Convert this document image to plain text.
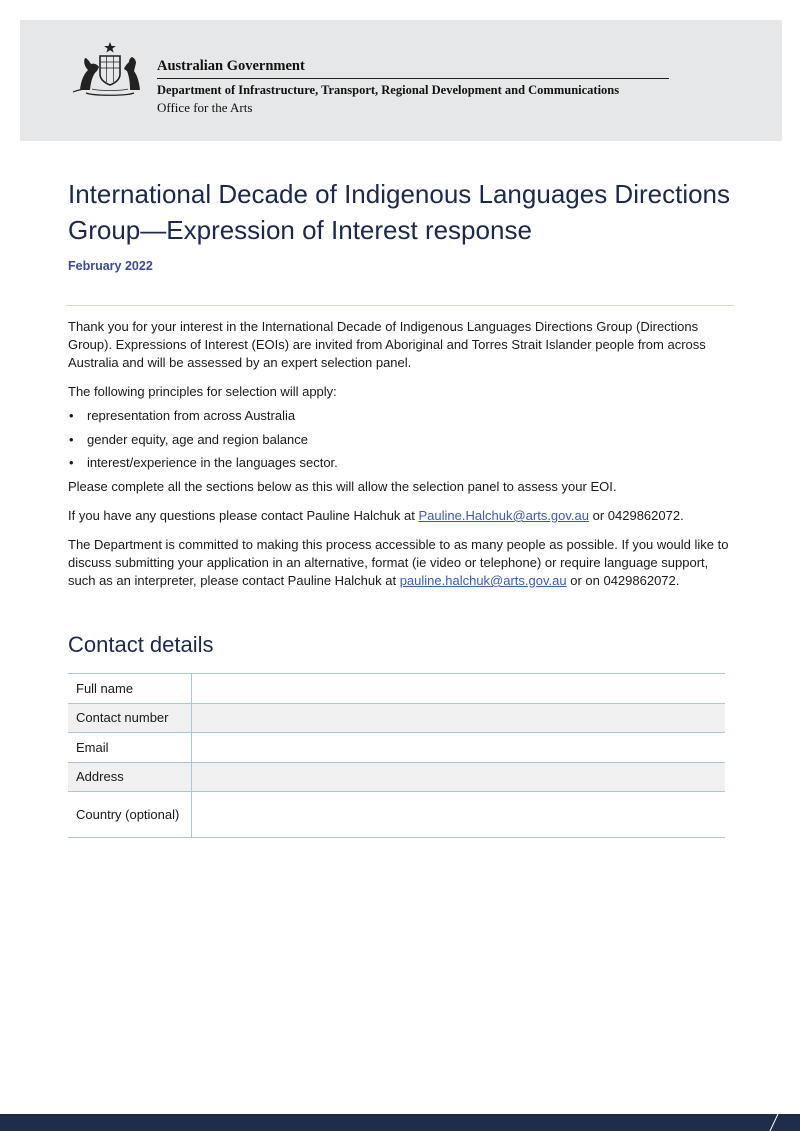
Australian Government
Department of Infrastructure, Transport, Regional Development and Communications
Office for the Arts
International Decade of Indigenous Languages Directions Group—Expression of Interest response
February 2022

Thank you for your interest in the International Decade of Indigenous Languages Directions Group (Directions Group). Expressions of Interest (EOIs) are invited from Aboriginal and Torres Strait Islander people from across Australia and will be assessed by an expert selection panel.

The following principles for selection will apply:

• representation from across Australia
• gender equity, age and region balance
• interest/experience in the languages sector.

Please complete all the sections below as this will allow the selection panel to assess your EOI.

If you have any questions please contact Pauline Halchuk at Pauline.Halchuk@arts.gov.au or 0429862072.

The Department is committed to making this process accessible to as many people as possible. If you would like to discuss submitting your application in an alternative, format (ie video or telephone) or require language support, such as an interpreter, please contact Pauline Halchuk at pauline.halchuk@arts.gov.au or on 0429862072.

Contact details
Full name	
Contact number	
Email	
Address	
Country (optional)	
